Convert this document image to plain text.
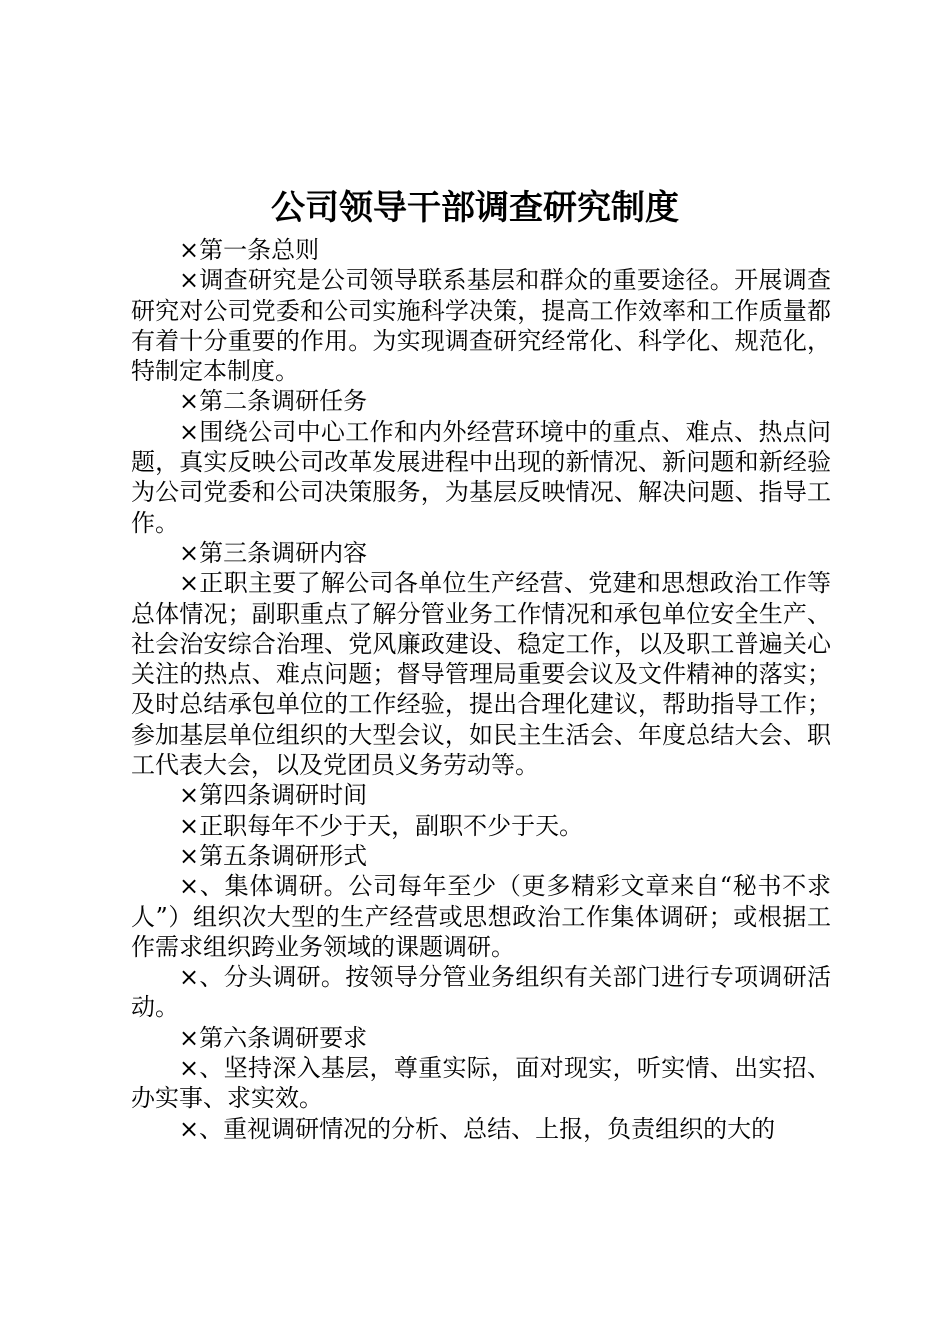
公司领导干部调查研究制度

×第一条总则

×调查研究是公司领导联系基层和群众的重要途径。开展调查研究对公司党委和公司实施科学决策，提高工作效率和工作质量都有着十分重要的作用。为实现调查研究经常化、科学化、规范化，特制定本制度。

×第二条调研任务

×围绕公司中心工作和内外经营环境中的重点、难点、热点问题，真实反映公司改革发展进程中出现的新情况、新问题和新经验为公司党委和公司决策服务，为基层反映情况、解决问题、指导工作。

×第三条调研内容

×正职主要了解公司各单位生产经营、党建和思想政治工作等总体情况；副职重点了解分管业务工作情况和承包单位安全生产、社会治安综合治理、党风廉政建设、稳定工作，以及职工普遍关心关注的热点、难点问题；督导管理局重要会议及文件精神的落实；及时总结承包单位的工作经验，提出合理化建议，帮助指导工作；参加基层单位组织的大型会议，如民主生活会、年度总结大会、职工代表大会，以及党团员义务劳动等。

×第四条调研时间

×正职每年不少于天，副职不少于天。

×第五条调研形式

×、集体调研。公司每年至少（更多精彩文章来自“秘书不求人”）组织次大型的生产经营或思想政治工作集体调研；或根据工作需求组织跨业务领域的课题调研。

×、分头调研。按领导分管业务组织有关部门进行专项调研活动。

×第六条调研要求

×、坚持深入基层，尊重实际，面对现实，听实情、出实招、办实事、求实效。

×、重视调研情况的分析、总结、上报，负责组织的大的
